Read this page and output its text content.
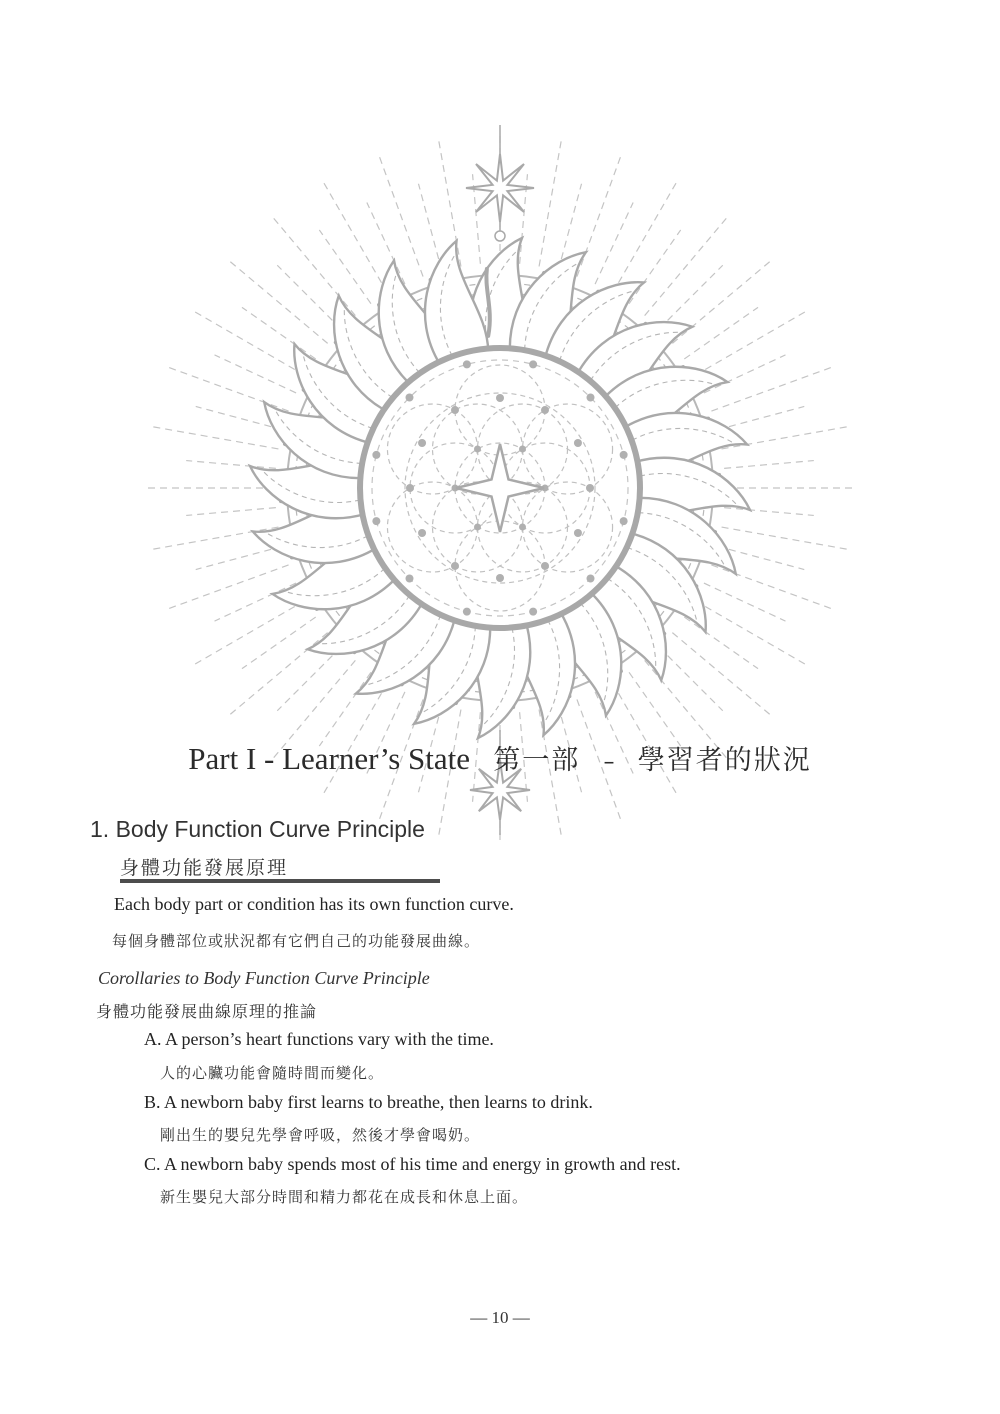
Part I - Learner’s State 第一部 – 學習者的狀況
1. Body Function Curve Principle
身體功能發展原理
Each body part or condition has its own function curve.
每個身體部位或狀況都有它們自己的功能發展曲線。
Corollaries to Body Function Curve Principle
身體功能發展曲線原理的推論
A. A person’s heart functions vary with the time.
人的心臟功能會隨時間而變化。
B. A newborn baby first learns to breathe, then learns to drink.
剛出生的嬰兒先學會呼吸，然後才學會喝奶。
C. A newborn baby spends most of his time and energy in growth and rest.
新生嬰兒大部分時間和精力都花在成長和休息上面。
— 10 —
